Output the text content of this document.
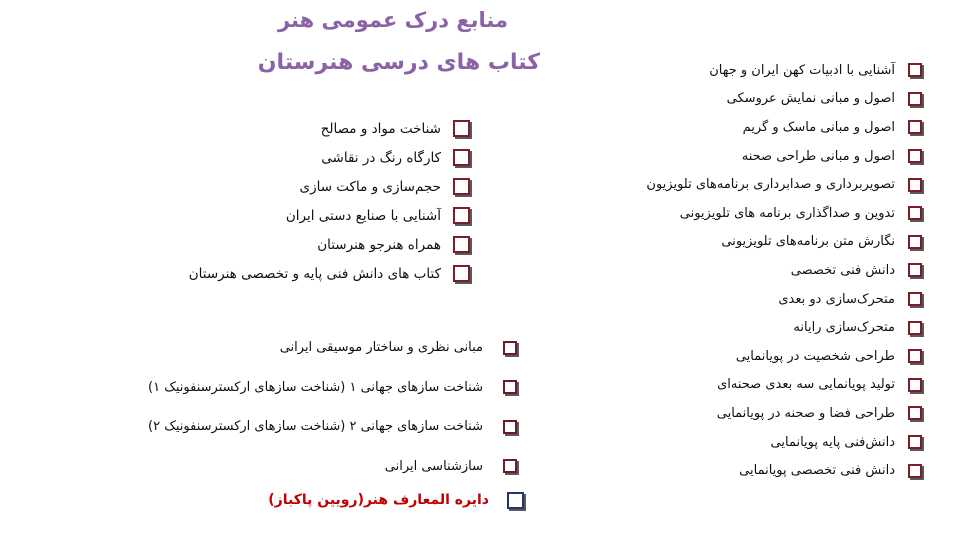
منابع درک عمومی هنر
کتاب های درسی هنرستان	آشنایی با ادبیات کهن ایران و جهان
اصول و مبانی نمایش عروسکی
اصول و مبانی ماسک و گریم
اصول و مبانی طراحی صحنه
تصویربرداری و صدابرداری برنامه‌های تلویزیون
تدوین و صداگذاری برنامه های تلویزیونی
نگارش متن برنامه‌های تلویزیونی
دانش فنی تخصصی
متحرک‌سازی دو بعدی
متحرک‌سازی رایانه
طراحی شخصیت در پویانمایی
تولید پویانمایی سه بعدی صحنه‌ای
طراحی فضا و صحنه در پویانمایی
دانش‌فنی پایه پویانمایی
دانش فنی تخصصی پویانمایی
شناخت مواد و مصالح
کارگاه رنگ در نقاشی
حجم‌سازی و ماکت سازی
آشنایی با صنایع دستی ایران
همراه هنرجو هنرستان
کتاب های دانش فنی پایه و تخصصی هنرستان
مبانی نظری و ساختار موسیقی ایرانی
شناخت سازهای جهانی ۱ (شناخت سازهای ارکسترسنفونیک ۱)
شناخت سازهای جهانی ۲ (شناخت سازهای ارکسترسنفونیک ۲)
سازشناسی ایرانی
دایره المعارف هنر(رویین پاکباز)
